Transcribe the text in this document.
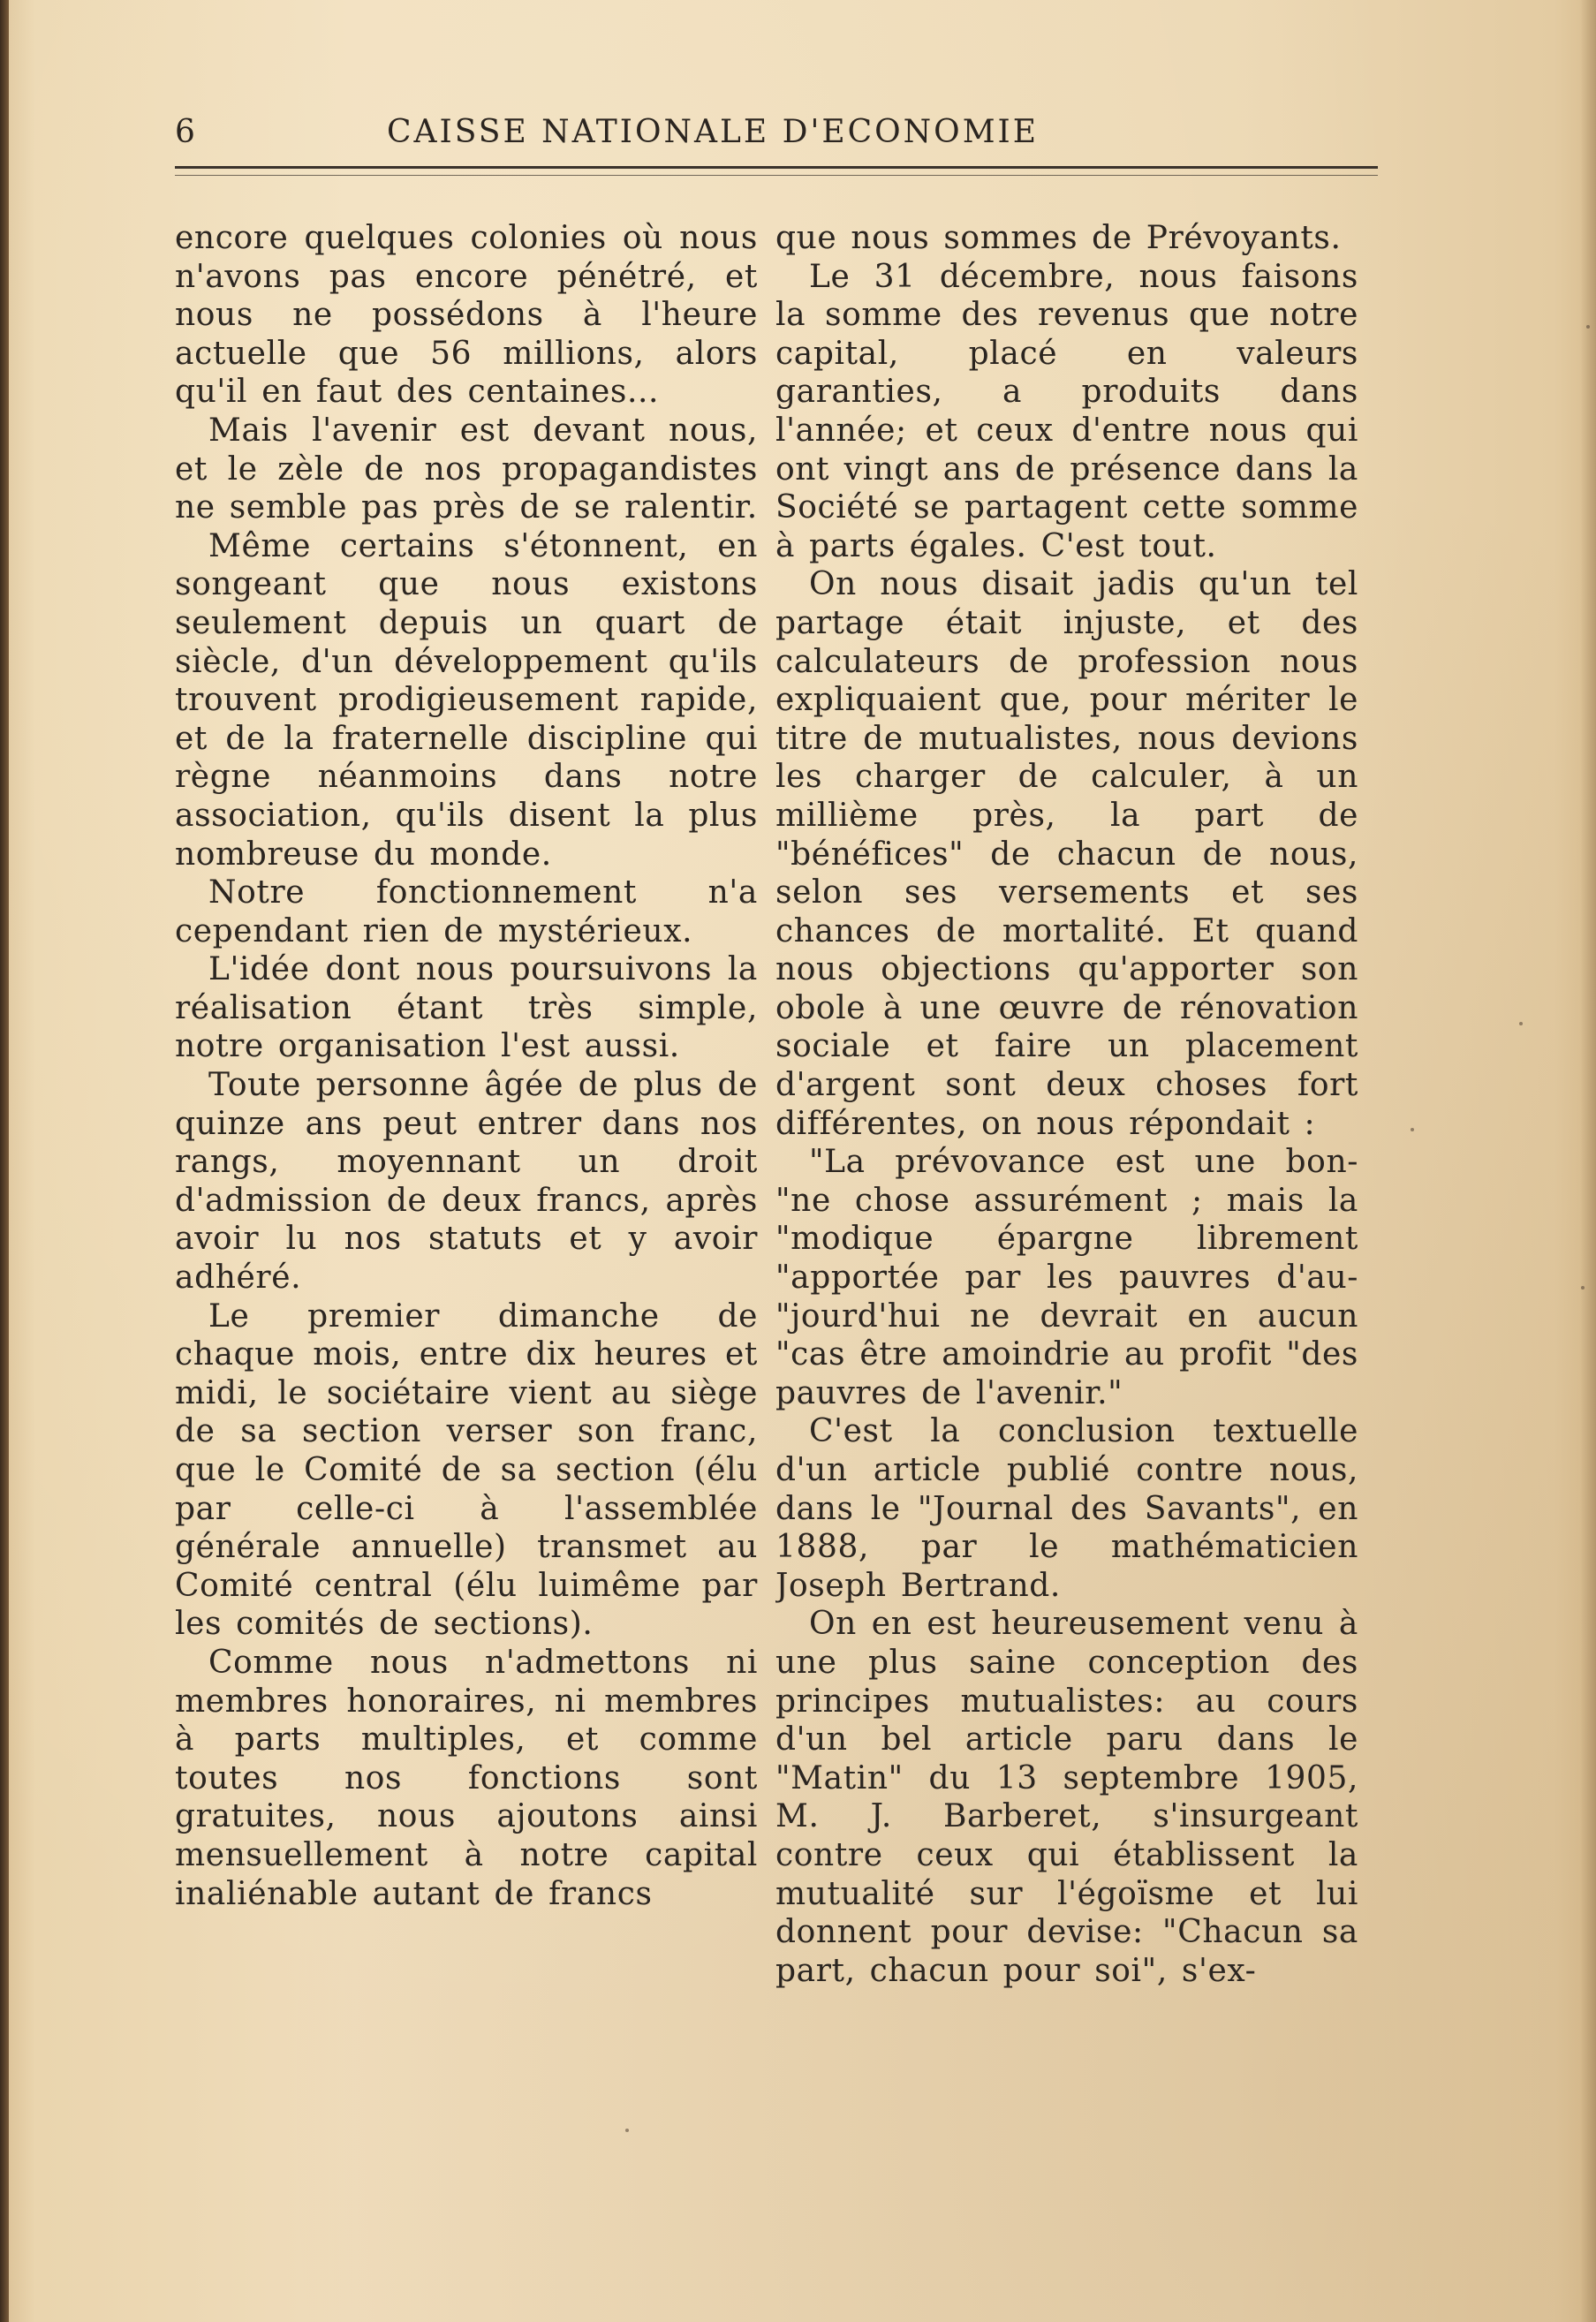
6	CAISSE NATIONALE D'ECONOMIE

encore quelques colonies où nous n'avons pas encore pénétré, et nous ne possédons à l'heure actuelle que 56 millions, alors qu'il en faut des centaines...

Mais l'avenir est devant nous, et le zèle de nos propagandistes ne semble pas près de se ralentir.

Même certains s'étonnent, en songeant que nous existons seulement depuis un quart de siècle, d'un développement qu'ils trouvent prodigieusement rapide, et de la fraternelle discipline qui règne néanmoins dans notre association, qu'ils disent la plus nombreuse du monde.

Notre fonctionnement n'a cependant rien de mystérieux.

L'idée dont nous poursuivons la réalisation étant très simple, notre organisation l'est aussi.

Toute personne âgée de plus de quinze ans peut entrer dans nos rangs, moyennant un droit d'admission de deux francs, après avoir lu nos statuts et y avoir adhéré.

Le premier dimanche de chaque mois, entre dix heures et midi, le sociétaire vient au siège de sa section verser son franc, que le Comité de sa section (élu par celle-ci à l'assemblée générale annuelle) transmet au Comité central (élu luimême par les comités de sections).

Comme nous n'admettons ni membres honoraires, ni membres à parts multiples, et comme toutes nos fonctions sont gratuites, nous ajoutons ainsi mensuellement à notre capital inaliénable autant de francs

que nous sommes de Prévoyants.

Le 31 décembre, nous faisons la somme des revenus que notre capital, placé en valeurs garanties, a produits dans l'année; et ceux d'entre nous qui ont vingt ans de présence dans la Société se partagent cette somme à parts égales. C'est tout.

On nous disait jadis qu'un tel partage était injuste, et des calculateurs de profession nous expliquaient que, pour mériter le titre de mutualistes, nous devions les charger de calculer, à un millième près, la part de "bénéfices" de chacun de nous, selon ses versements et ses chances de mortalité. Et quand nous objections qu'apporter son obole à une œuvre de rénovation sociale et faire un placement d'argent sont deux choses fort différentes, on nous répondait :

"La prévovance est une bon- "ne chose assurément ; mais la "modique épargne librement "apportée par les pauvres d'au- "jourd'hui ne devrait en aucun "cas être amoindrie au profit "des pauvres de l'avenir."

C'est la conclusion textuelle d'un article publié contre nous, dans le "Journal des Savants", en 1888, par le mathématicien Joseph Bertrand.

On en est heureusement venu à une plus saine conception des principes mutualistes: au cours d'un bel article paru dans le "Matin" du 13 septembre 1905, M. J. Barberet, s'insurgeant contre ceux qui établissent la mutualité sur l'égoïsme et lui donnent pour devise: "Chacun sa part, chacun pour soi", s'ex-
